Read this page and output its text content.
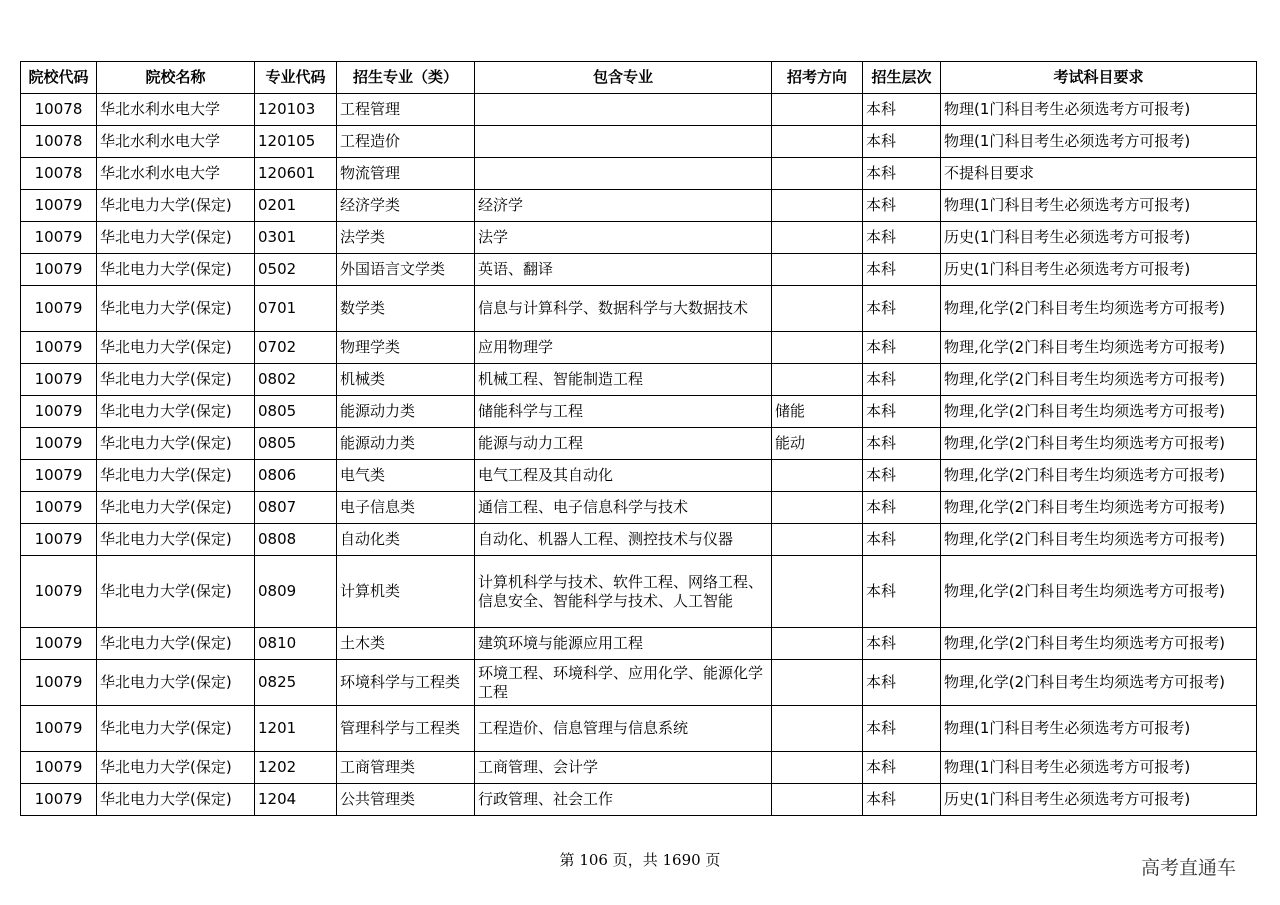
院校代码	院校名称	专业代码	招生专业（类）	包含专业	招考方向	招生层次	考试科目要求
10078	华北水利水电大学	120103	工程管理			本科	物理(1门科目考生必须选考方可报考)
10078	华北水利水电大学	120105	工程造价			本科	物理(1门科目考生必须选考方可报考)
10078	华北水利水电大学	120601	物流管理			本科	不提科目要求
10079	华北电力大学(保定)	0201	经济学类	经济学		本科	物理(1门科目考生必须选考方可报考)
10079	华北电力大学(保定)	0301	法学类	法学		本科	历史(1门科目考生必须选考方可报考)
10079	华北电力大学(保定)	0502	外国语言文学类	英语、翻译		本科	历史(1门科目考生必须选考方可报考)
10079	华北电力大学(保定)	0701	数学类	信息与计算科学、数据科学与大数据技术		本科	物理,化学(2门科目考生均须选考方可报考)
10079	华北电力大学(保定)	0702	物理学类	应用物理学		本科	物理,化学(2门科目考生均须选考方可报考)
10079	华北电力大学(保定)	0802	机械类	机械工程、智能制造工程		本科	物理,化学(2门科目考生均须选考方可报考)
10079	华北电力大学(保定)	0805	能源动力类	储能科学与工程	储能	本科	物理,化学(2门科目考生均须选考方可报考)
10079	华北电力大学(保定)	0805	能源动力类	能源与动力工程	能动	本科	物理,化学(2门科目考生均须选考方可报考)
10079	华北电力大学(保定)	0806	电气类	电气工程及其自动化		本科	物理,化学(2门科目考生均须选考方可报考)
10079	华北电力大学(保定)	0807	电子信息类	通信工程、电子信息科学与技术		本科	物理,化学(2门科目考生均须选考方可报考)
10079	华北电力大学(保定)	0808	自动化类	自动化、机器人工程、测控技术与仪器		本科	物理,化学(2门科目考生均须选考方可报考)
10079	华北电力大学(保定)	0809	计算机类	计算机科学与技术、软件工程、网络工程、信息安全、智能科学与技术、人工智能		本科	物理,化学(2门科目考生均须选考方可报考)
10079	华北电力大学(保定)	0810	土木类	建筑环境与能源应用工程		本科	物理,化学(2门科目考生均须选考方可报考)
10079	华北电力大学(保定)	0825	环境科学与工程类	环境工程、环境科学、应用化学、能源化学工程		本科	物理,化学(2门科目考生均须选考方可报考)
10079	华北电力大学(保定)	1201	管理科学与工程类	工程造价、信息管理与信息系统		本科	物理(1门科目考生必须选考方可报考)
10079	华北电力大学(保定)	1202	工商管理类	工商管理、会计学		本科	物理(1门科目考生必须选考方可报考)
10079	华北电力大学(保定)	1204	公共管理类	行政管理、社会工作		本科	历史(1门科目考生必须选考方可报考)
第 106 页，共 1690 页	高考直通车
